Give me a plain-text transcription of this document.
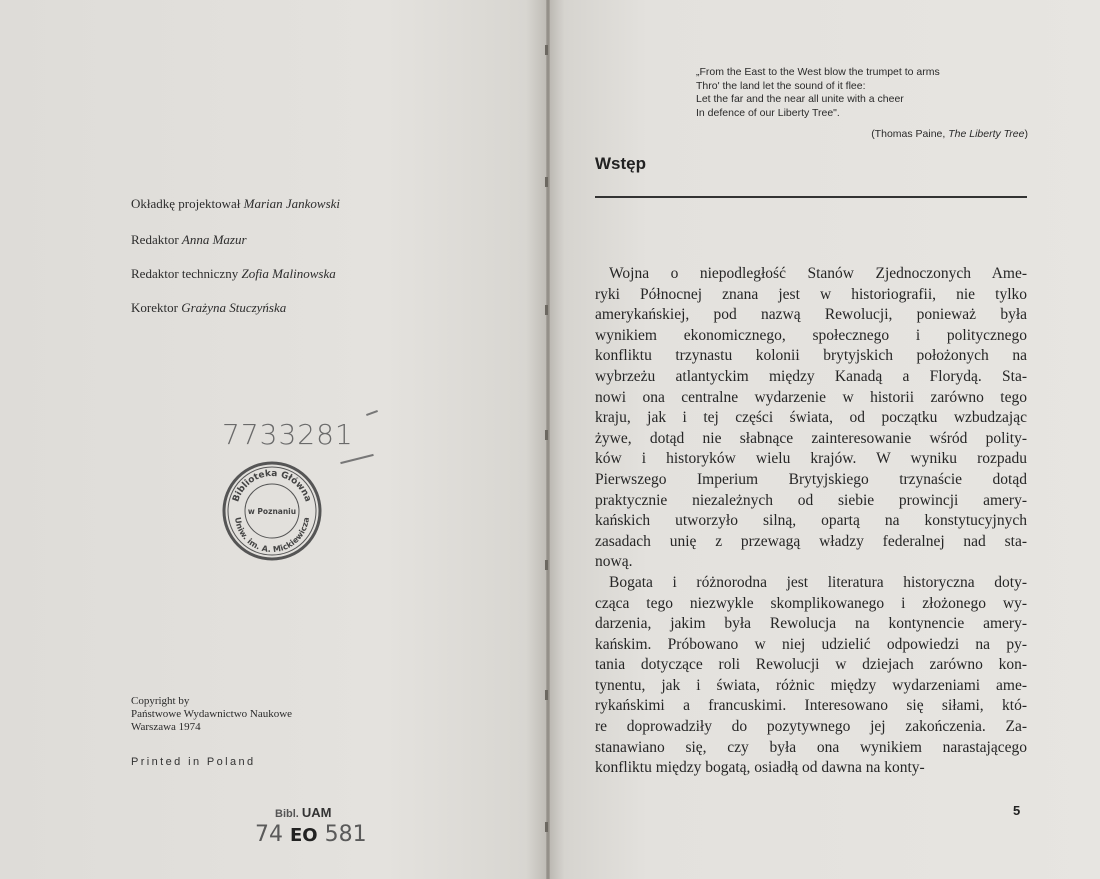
Okładkę projektował Marian Jankowski
Redaktor Anna Mazur
Redaktor techniczny Zofia Malinowska
Korektor Grażyna Stuczyńska
7733281
Biblioteka Główna
Uniw. im. A. Mickiewicza
w Poznaniu
Copyright by
Państwowe Wydawnictwo Naukowe
Warszawa 1974
Printed in Poland
Bibl. UAM
74 EO 581
„From the East to the West blow the trumpet to arms
Thro' the land let the sound of it flee:
Let the far and the near all unite with a cheer
In defence of our Liberty Tree".
(Thomas Paine, The Liberty Tree)
Wstęp
Wojna o niepodległość Stanów Zjednoczonych Ame-
ryki Północnej znana jest w historiografii, nie tylko
amerykańskiej, pod nazwą Rewolucji, ponieważ była
wynikiem ekonomicznego, społecznego i politycznego
konfliktu trzynastu kolonii brytyjskich położonych na
wybrzeżu atlantyckim między Kanadą a Florydą. Sta-
nowi ona centralne wydarzenie w historii zarówno tego
kraju, jak i tej części świata, od początku wzbudzając
żywe, dotąd nie słabnące zainteresowanie wśród polity-
ków i historyków wielu krajów. W wyniku rozpadu
Pierwszego Imperium Brytyjskiego trzynaście dotąd
praktycznie niezależnych od siebie prowincji amery-
kańskich utworzyło silną, opartą na konstytucyjnych
zasadach unię z przewagą władzy federalnej nad sta-
nową.
Bogata i różnorodna jest literatura historyczna doty-
cząca tego niezwykle skomplikowanego i złożonego wy-
darzenia, jakim była Rewolucja na kontynencie amery-
kańskim. Próbowano w niej udzielić odpowiedzi na py-
tania dotyczące roli Rewolucji w dziejach zarówno kon-
tynentu, jak i świata, różnic między wydarzeniami ame-
rykańskimi a francuskimi. Interesowano się siłami, któ-
re doprowadziły do pozytywnego jej zakończenia. Za-
stanawiano się, czy była ona wynikiem narastającego
konfliktu między bogatą, osiadłą od dawna na konty-
5
